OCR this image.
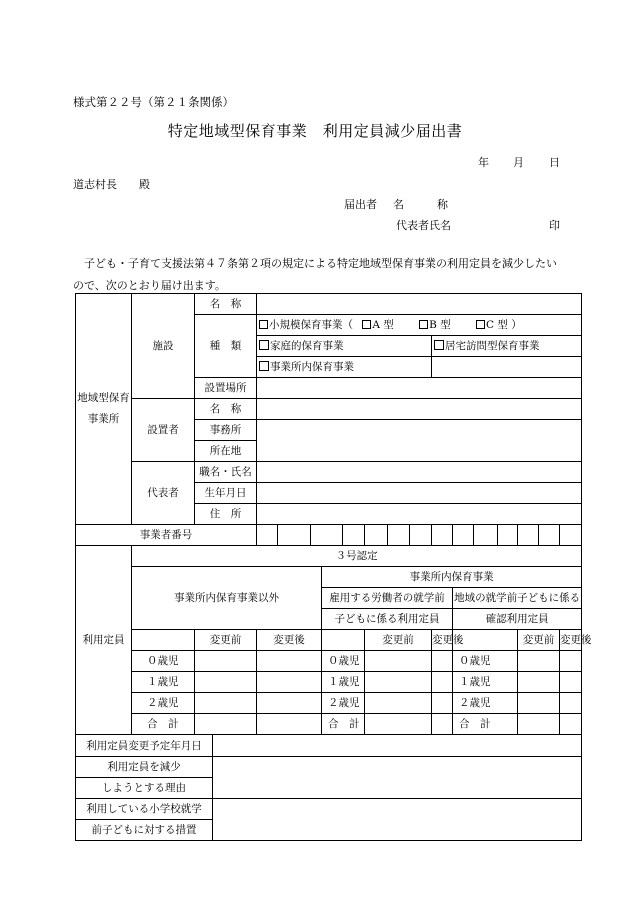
様式第２２号（第２１条関係）
特定地域型保育事業　利用定員減少届出書
年 月 日
道志村長　　殿
届出者 名　　　称
代表者氏名	印
子ども・子育て支援法第４７条第２項の規定による特定地域型保育事業の利用定員を減少したいので、次のとおり届け出ます。
地域型保育事業所	施設	名　称														
		種　類		小規模保育事業（ A 型 B 型 C 型 ）												
				家庭的保育事業						居宅訪問型保育事業						
				事業所内保育事業												
		設置場所														
	設置者	名　称														
		事務所														
		所在地														
	代表者	職名・氏名														
		生年月日														
		住　所														
事業者番号						

利用定員	３号認定															
	事業所内保育事業以外					事業所内保育事業										
						雇用する労働者の就学前					地域の就学前子どもに係る					
						子どもに係る利用定員					確認利用定員					
		変更前		変更後				変更前		変更後				変更前		変更後
	０歳児					０歳児					０歳児					
	１歳児					１歳児					１歳児					
	２歳児					２歳児					２歳児					
	合　計					合　計					合　計					
利用定員変更予定年月日																
利用定員を減少																
しようとする理由																
利用している小学校就学																
前子どもに対する措置																
